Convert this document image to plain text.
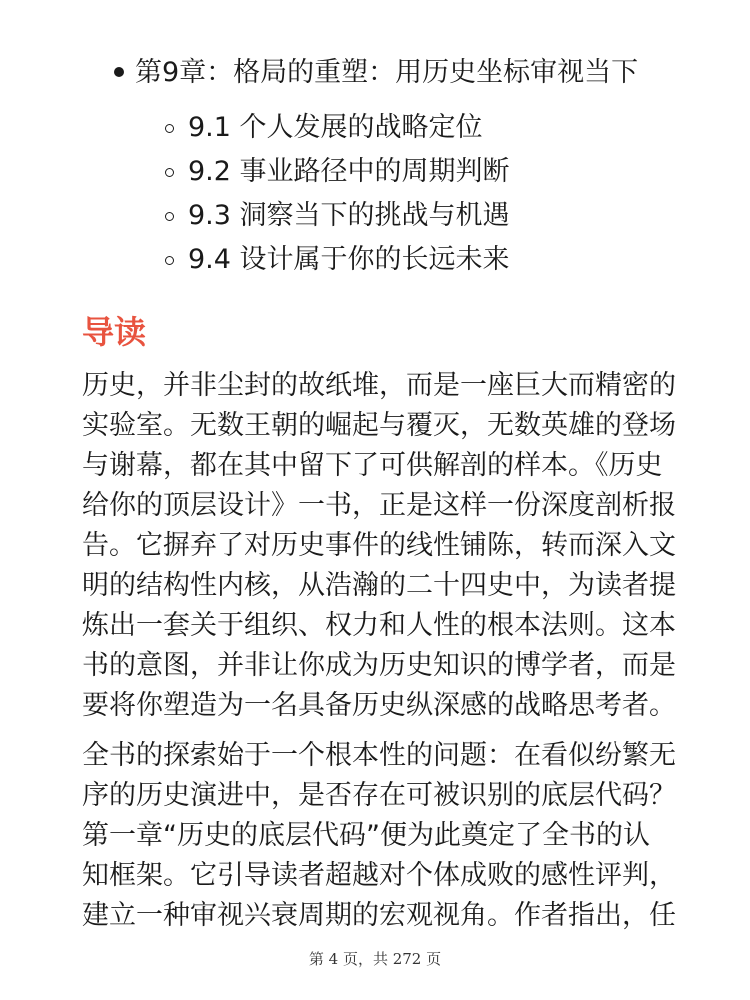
第9章：格局的重塑：用历史坐标审视当下
9.1 个人发展的战略定位
9.2 事业路径中的周期判断
9.3 洞察当下的挑战与机遇
9.4 设计属于你的长远未来
导读
历史，并非尘封的故纸堆，而是一座巨大而精密的
实验室。无数王朝的崛起与覆灭，无数英雄的登场
与谢幕，都在其中留下了可供解剖的样本。《历史
给你的顶层设计》一书，正是这样一份深度剖析报
告。它摒弃了对历史事件的线性铺陈，转而深入文
明的结构性内核，从浩瀚的二十四史中，为读者提
炼出一套关于组织、权力和人性的根本法则。这本
书的意图，并非让你成为历史知识的博学者，而是
要将你塑造为一名具备历史纵深感的战略思考者。
全书的探索始于一个根本性的问题：在看似纷繁无
序的历史演进中，是否存在可被识别的底层代码？
第一章“历史的底层代码”便为此奠定了全书的认
知框架。它引导读者超越对个体成败的感性评判，
建立一种审视兴衰周期的宏观视角。作者指出，任
第 4 页，共 272 页
